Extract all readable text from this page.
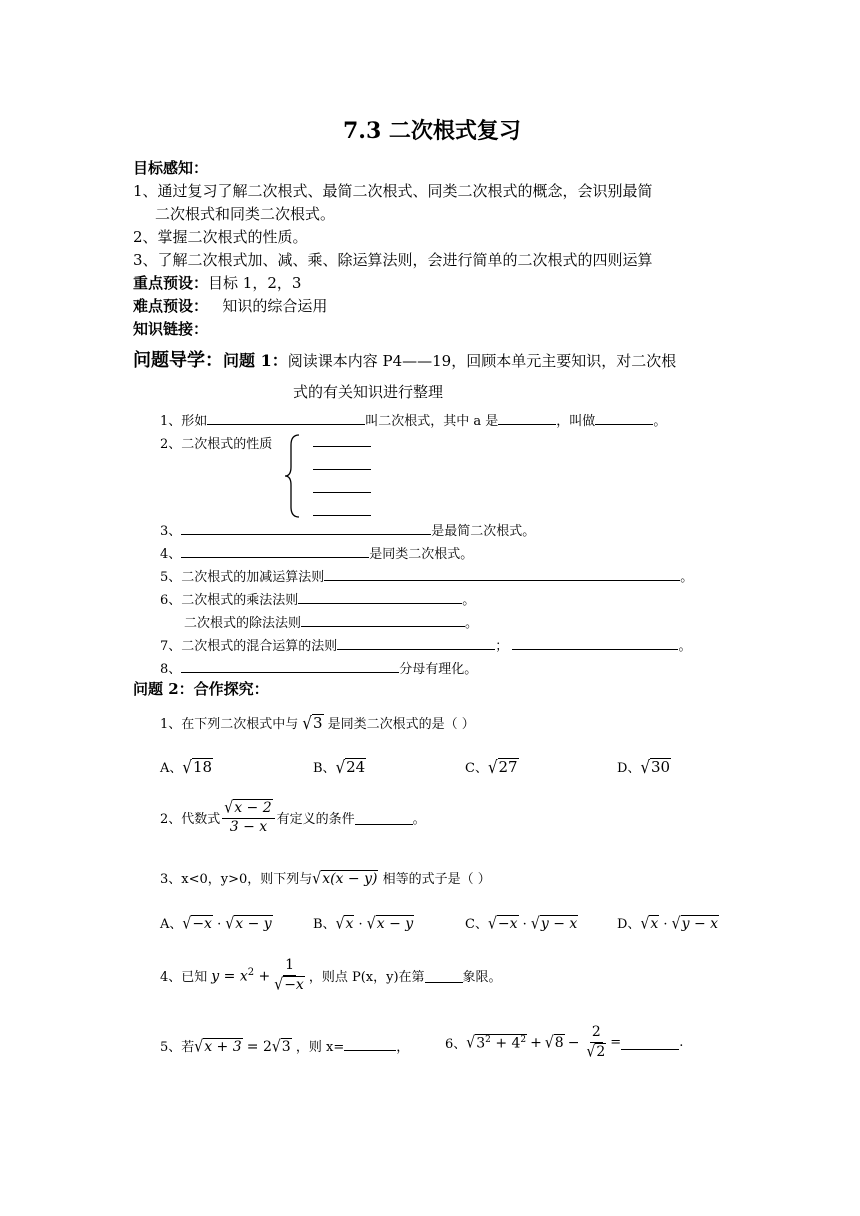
7.3 二次根式复习
目标感知：
1、通过复习了解二次根式、最简二次根式、同类二次根式的概念，会识别最简
二次根式和同类二次根式。
2、掌握二次根式的性质。
3、了解二次根式加、减、乘、除运算法则，会进行简单的二次根式的四则运算
重点预设：目标 1，2，3
难点预设： 知识的综合运用
知识链接：
问题导学：问题 1：阅读课本内容 P4——19，回顾本单元主要知识，对二次根
式的有关知识进行整理
1、形如	叫二次根式，其中 a 是	，叫做	。
2、二次根式的性质
3、	是最简二次根式。
4、	是同类二次根式。
5、二次根式的加减运算法则	。
6、二次根式的乘法法则	。
二次根式的除法法则	。
7、二次根式的混合运算的法则	；	。
8、	分母有理化。
问题 2：合作探究：
1、在下列二次根式中与 √3 是同类二次根式的是（ ）
A、√18	B、√24	C、√27	D、√30
2、代数式 $\frac{√x - 2}{3 - x}$ 有定义的条件	。
3、x<0，y>0，则下列与√x(x − y) 相等的式子是（ ）
A、√−x · √x − y	B、√x · √x − y	C、√−x · √y − x	D、√x · √y − x
4、已知 $y = x^2 + \frac{1}{√-x}$ ，则点 P(x，y)在第	象限。
5、若√x + 3 = 2√3 ，则 x=	，	6、 $√3^2 + 4^2 + √8 - \frac{2}{√2}$ =	.
